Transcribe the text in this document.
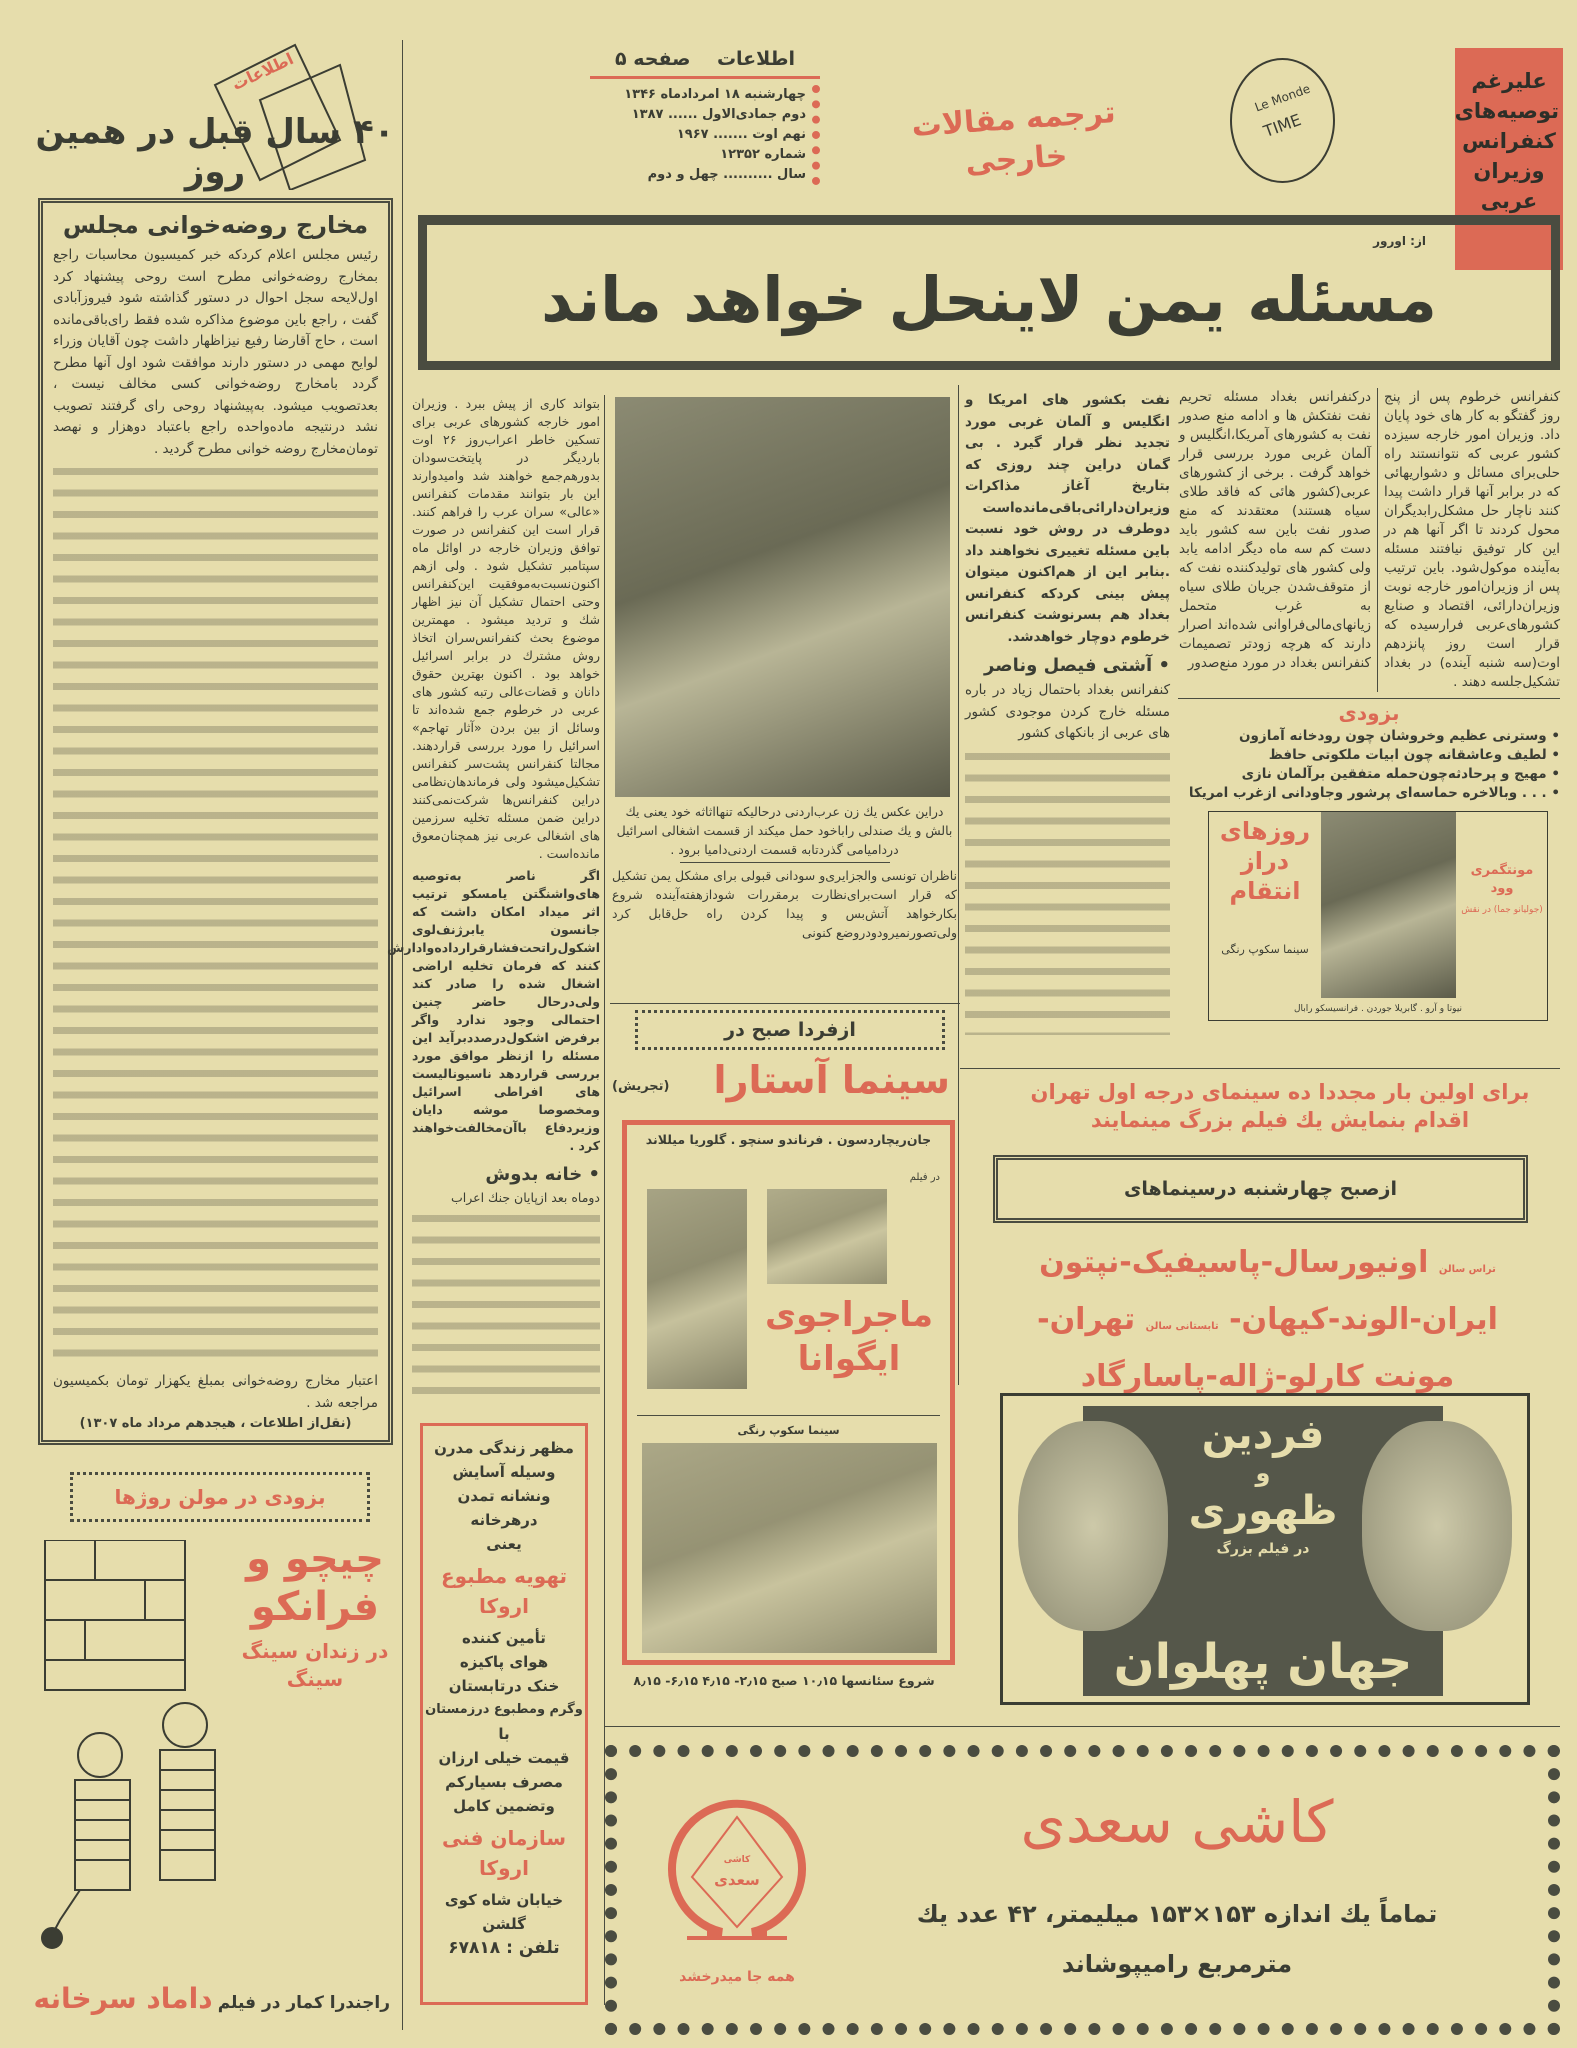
اطلاعات
۴۰ سال قبل در همین روز
مخارج روضه‌خوانی مجلس
رئیس مجلس اعلام کردکه خبر کمیسیون محاسبات راجع بمخارج روضه‌خوانی مطرح است روحی پیشنهاد کرد اول‌لایحه سجل احوال در دستور گذاشته شود فیروزآبادی گفت ، راجع باین موضوع مذاکره شده فقط رای‌باقی‌مانده است ، حاج آقارضا رفیع نیزاظهار داشت چون آقایان وزراء لوایح مهمی در دستور دارند موافقت شود اول آنها مطرح گردد بامخارج روضه‌خوانی کسی مخالف نیست ، بعدتصویب میشود. به‌پیشنهاد روحی رای گرفتند تصویب نشد درنتیجه ماده‌واحده راجع باعتباد دوهزار و نهصد تومان‌مخارج روضه خوانی مطرح گردید .
اعتبار مخارج روضه‌خوانی بمبلغ یکهزار تومان بکمیسیون مراجعه شد .
(نقل‌از اطلاعات ، هیجدهم مرداد ماه ۱۳۰۷)
بزودی در مولن روژها
چیچو و فرانکو
در زندان سینگ سینگ
راجندرا کمار در فیلم داماد سرخانه
اطلاعات    صفحه ۵
چهارشنبه ۱۸ امردادماه ۱۳۴۶
دوم جمادی‌الاول ...... ۱۳۸۷
نهم اوت ....... ۱۹۶۷
شماره ۱۲۳۵۲
سال .......... چهل و دوم
ترجمه مقالات خارجی
Le Monde
TIME
علیرغم توصیه‌های کنفرانس وزیران عربی
از: اورور
مسئله یمن لاینحل خواهد ماند
کنفرانس خرطوم پس از پنج روز گفتگو به کار های خود پایان داد. وزیران امور خارجه سیزده کشور عربی که نتوانستند راه حلی‌برای مسائل و دشواریهائی که در برابر آنها قرار داشت پیدا کنند ناچار حل مشکل‌رابدیگران محول کردند تا اگر آنها هم در این کار توفیق نیافتند مسئله به‌آینده موکول‌شود. باین ترتیب پس از وزیران‌امور خارجه نوبت وزیران‌دارائی، اقتصاد و صنایع کشورهای‌عربی فرارسیده که قرار است روز پانزدهم اوت(سه شنبه آینده) در بغداد تشکیل‌جلسه دهند .
درکنفرانس بغداد مسئله تحریم نفت نفتکش ها و ادامه منع صدور نفت به کشورهای آمریکا،انگلیس و آلمان غربی مورد بررسی قرار خواهد گرفت . برخی از کشورهای عربی(کشور هائی که فاقد طلای سیاه هستند) معتقدند که منع صدور نفت باین سه کشور باید دست کم سه ماه دیگر ادامه یابد ولی کشور های تولیدکننده نفت که از متوقف‌شدن جریان طلای سیاه به غرب متحمل زیانهای‌مالی‌فراوانی شده‌اند اصرار دارند که هرچه زودتر تصمیمات کنفرانس بغداد در مورد منع‌صدور
بزودی
• وسترنی عظیم وخروشان چون رودخانه آمازون
• لطیف وعاشقانه چون ابیات ملکوتی حافظ
• مهیج و پرحادثه‌چون‌حمله متفقین برآلمان نازی
• . . . وبالاخره حماسه‌ای پرشور وجاودانی ازغرب امریکا
روزهای دراز انتقام
سینما سکوپ رنگی
مونتگمری وود
(جولیانو جما) در نقش
نیوتا و آرو . گابریلا جوردن . فرانسیسکو رابال
نفت بکشور های امریکا و انگلیس و آلمان غربی مورد تجدید نظر قرار گیرد . بی گمان دراین چند روزی که بتاریخ آغاز مذاکرات وزیران‌دارائی‌باقی‌مانده‌است دوطرف در روش خود نسبت باین مسئله تغییری نخواهند داد .بنابر این از هم‌اکنون میتوان پیش بینی کردکه کنفرانس بغداد هم بسرنوشت کنفرانس خرطوم دوچار خواهدشد.
• آشتی فیصل وناصر
کنفرانس بغداد باحتمال زیاد در باره مسئله خارج کردن موجودی کشور های عربی از بانکهای کشور
بتواند کاری از پیش ببرد . وزیران امور خارجه کشورهای عربی برای تسکین خاطر اعراب‌روز ۲۶ اوت باردیگر در پایتخت‌سودان بدورهم‌جمع خواهند شد وامیدوارند این بار بتوانند مقدمات کنفرانس «عالی» سران عرب را فراهم کنند. قرار است این کنفرانس در صورت توافق وزیران خارجه در اوائل ماه سپتامبر تشکیل شود . ولی ازهم اکنون‌نسبت‌به‌موفقیت این‌کنفرانس وحتی احتمال تشکیل آن نیز اظهار شك و تردید میشود . مهمترین موضوع بحث کنفرانس‌سران اتخاذ روش مشترك در برابر اسرائیل خواهد بود . اکنون بهترین حقوق دانان و قضات‌عالی رتبه کشور های عربی در خرطوم جمع شده‌اند تا وسائل از بین بردن «آثار تهاجم» اسرائیل را مورد بررسی قراردهند. مجالتا کنفرانس پشت‌سر کنفرانس تشکیل‌میشود ولی فرماندهان‌نظامی دراین کنفرانس‌ها شرکت‌نمی‌کنند دراین ضمن مسئله تخلیه سرزمین های اشغالی عربی نیز همچنان‌معوق مانده‌است .
اگر ناصر به‌توصیه های‌واشنگتن یامسکو ترتیب اثر میداد امکان داشت که جانسون یابرژنف‌لوی اشکول‌راتحت‌فشارقرارداده‌وادارش کنند که فرمان تخلیه اراضی اشغال شده را صادر کند ولی‌درحال حاضر چنین احتمالی وجود ندارد واگر برفرض اشکول‌درصددبرآید این مسئله را ازنظر موافق مورد بررسی قراردهد ناسیونالیست های افراطی اسرائیل ومخصوصا موشه دایان وزیردفاع باآن‌مخالفت‌خواهند کرد .
• خانه بدوش
دوماه بعد ازپایان جنك اعراب
دراین عکس یك زن عرب‌اردنی درحالیکه تنها‌اثاثه خود یعنی یك بالش و یك صندلی راباخود حمل میکند از قسمت اشغالی اسرائیل دردامیامی گذردتابه قسمت اردنی‌دامیا برود .
ناظران تونسی والجزایری‌و سودانی قبولی برای مشکل یمن تشکیل که قرار است‌برای‌نظارت برمقررات شوداز‌هفته‌آینده شروع بکارخواهد آتش‌بس و پیدا کردن راه حل‌قابل کرد ولی‌تصورنمیرودودروضع کنونی
برای اولین بار مجددا ده سینمای درجه اول تهران اقدام بنمایش یك فیلم بزرگ مینمایند
ازصبح چهارشنبه درسینماهای
تراس سالن اونیورسال-پاسیفیک-نپتون
ایران-الوند-کیهان- تابستانی سالن تهران-
مونت کارلو-ژاله-پاسارگاد
فردین
و
ظهوری
در فیلم بزرگ
جهان پهلوان
ازفردا صبح در
سینما آستارا
(تجریش)
جان‌ریچاردسون . فرناندو سنچو . گلوریا میللاند
در فیلم
ماجراجوی ایگوانا
سینما سکوپ رنگی
شروع سئانسها ۱۰٫۱۵ صبح ۲٫۱۵- ۴٫۱۵ ۶٫۱۵- ۸٫۱۵
مظهر زندگی مدرن
وسیله آسایش
ونشانه تمدن
درهرخانه
یعنی
تهویه مطبوع اروکا
تأمین کننده
هوای پاکیزه
خنک درتابستان
وگرم ومطبوع درزمستان
با
قیمت خیلی ارزان
مصرف بسیارکم
وتضمین کامل
سازمان فنی اروکا
خیابان شاه کوی گلشن
تلفن : ۶۷۸۱۸
کاشی
سعدی
همه جا میدرخشد
کاشی سعدی
تماماً یك اندازه ۱۵۳×۱۵۳ میلیمتر، ۴۲ عدد یك
مترمربع رامیپوشاند
